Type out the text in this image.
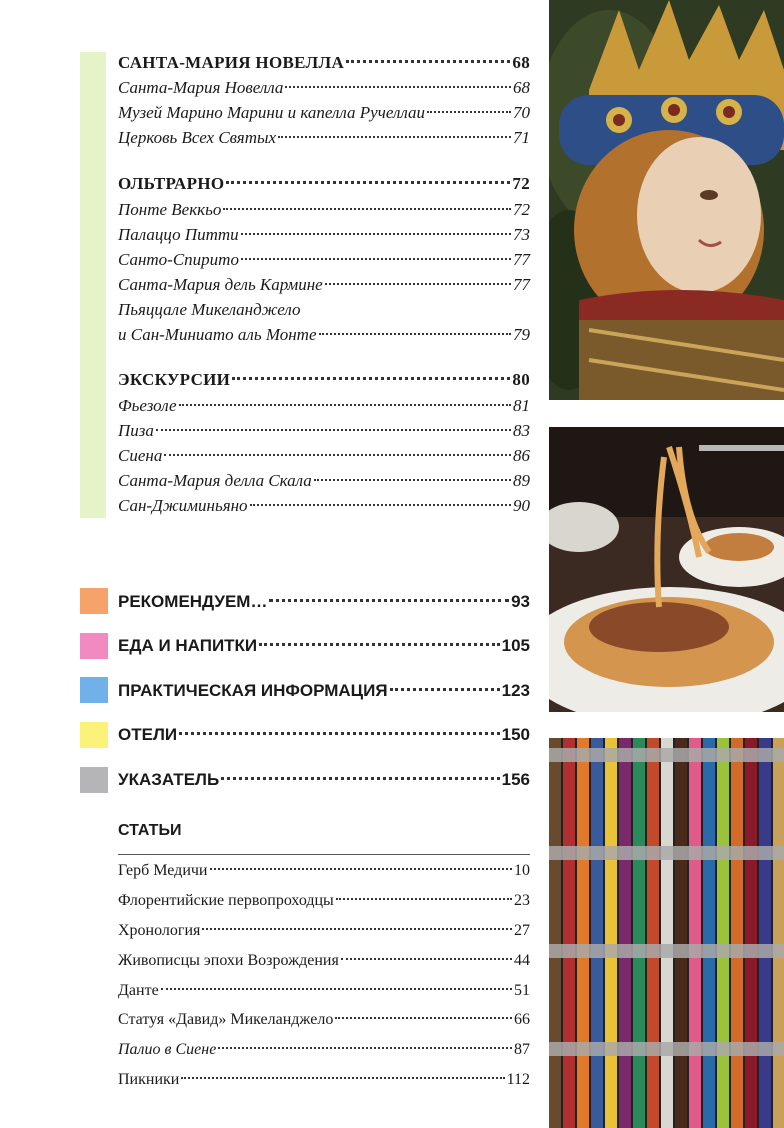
САНТА-МАРИЯ НОВЕЛЛА	68
Санта-Мария Новелла	68
Музей Марино Марини и капелла Ручеллаи	70
Церковь Всех Святых	71
ОЛЬТРАРНО	72
Понте Веккьо	72
Палаццо Питти	73
Санто-Спирито	77
Санта-Мария дель Кармине	77
Пьяццале Микеланджело
и Сан-Миниато аль Монте	79
ЭКСКУРСИИ	80
Фьезоле	81
Пиза	83
Сиена	86
Санта-Мария делла Скала	89
Сан-Джиминьяно	90
РЕКОМЕНДУЕМ…	93
ЕДА И НАПИТКИ	105
ПРАКТИЧЕСКАЯ ИНФОРМАЦИЯ	123
ОТЕЛИ	150
УКАЗАТЕЛЬ	156
СТАТЬИ
Герб Медичи	10
Флорентийские первопроходцы	23
Хронология	27
Живописцы эпохи Возрождения	44
Данте	51
Статуя «Давид» Микеланджело	66
Палио в Сиене	87
Пикники	112
